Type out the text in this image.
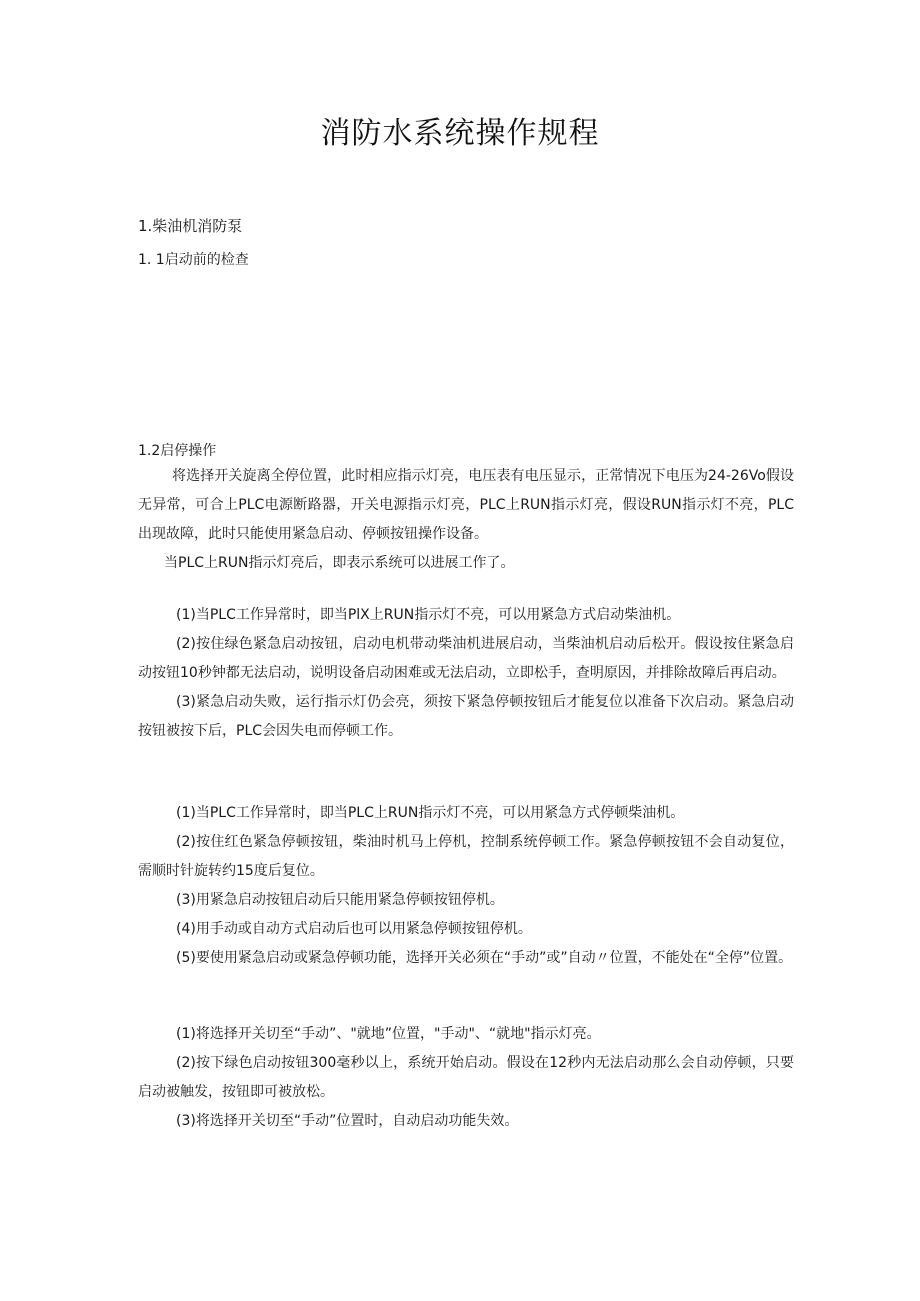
消防水系统操作规程
1.柴油机消防泵
1. 1启动前的检查
1.2启停操作

将选择开关旋离全停位置，此时相应指示灯亮，电压表有电压显示，正常情况下电压为24-26Vo假设无异常，可合上PLC电源断路器，开关电源指示灯亮，PLC上RUN指示灯亮，假设RUN指示灯不亮，PLC出现故障，此时只能使用紧急启动、停顿按钮操作设备。

当PLC上RUN指示灯亮后，即表示系统可以进展工作了。

(1)当PLC工作异常时，即当PlX上RUN指示灯不亮，可以用紧急方式启动柴油机。

(2)按住绿色紧急启动按钮，启动电机带动柴油机进展启动，当柴油机启动后松开。假设按住紧急启动按钮10秒钟都无法启动，说明设备启动困难或无法启动，立即松手，查明原因，并排除故障后再启动。

(3)紧急启动失败，运行指示灯仍会亮，须按下紧急停顿按钮后才能复位以准备下次启动。紧急启动按钮被按下后，PLC会因失电而停顿工作。

(1)当PLC工作异常时，即当PLC上RUN指示灯不亮，可以用紧急方式停顿柴油机。

(2)按住红色紧急停顿按钮，柴油时机马上停机，控制系统停顿工作。紧急停顿按钮不会自动复位，需顺时针旋转约15度后复位。

(3)用紧急启动按钮启动后只能用紧急停顿按钮停机。

(4)用手动或自动方式启动后也可以用紧急停顿按钮停机。

(5)要使用紧急启动或紧急停顿功能，选择开关必须在“手动”或”自动〃位置，不能处在“全停”位置。

(1)将选择开关切至“手动”、"就地”位置，"手动"、“就地"指示灯亮。

(2)按下绿色启动按钮300毫秒以上，系统开始启动。假设在12秒内无法启动那么会自动停顿，只要启动被触发，按钮即可被放松。

(3)将选择开关切至“手动”位置时，自动启动功能失效。
